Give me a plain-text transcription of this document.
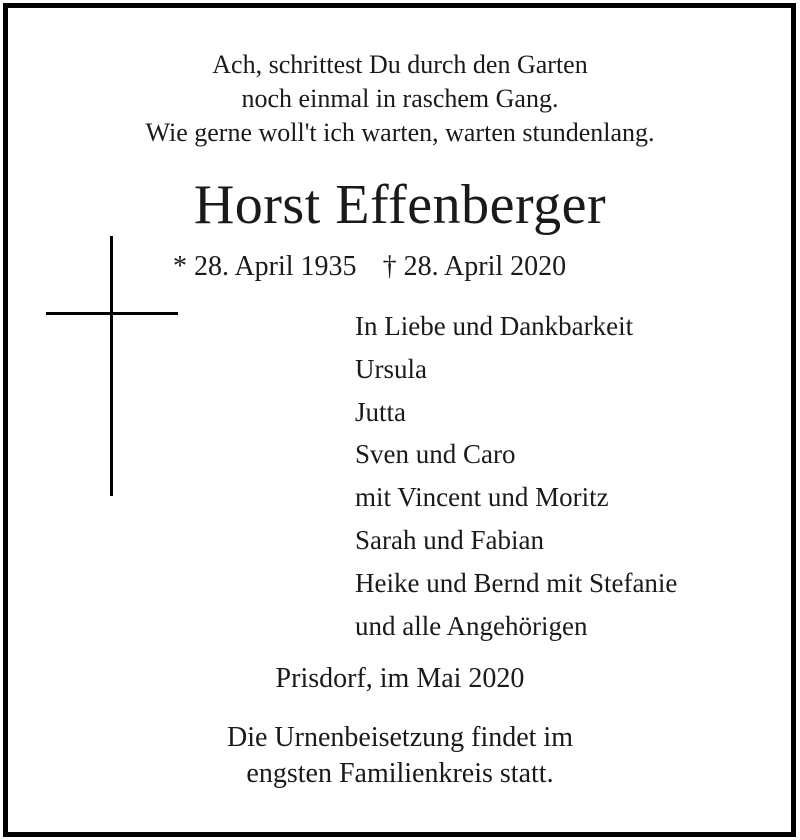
Ach, schrittest Du durch den Garten
noch einmal in raschem Gang.
Wie gerne woll't ich warten, warten stundenlang.
Horst Effenberger
* 28. April 1935 † 28. April 2020
In Liebe und Dankbarkeit
Ursula
Jutta
Sven und Caro
mit Vincent und Moritz
Sarah und Fabian
Heike und Bernd mit Stefanie
und alle Angehörigen
Prisdorf, im Mai 2020
Die Urnenbeisetzung findet im
engsten Familienkreis statt.
